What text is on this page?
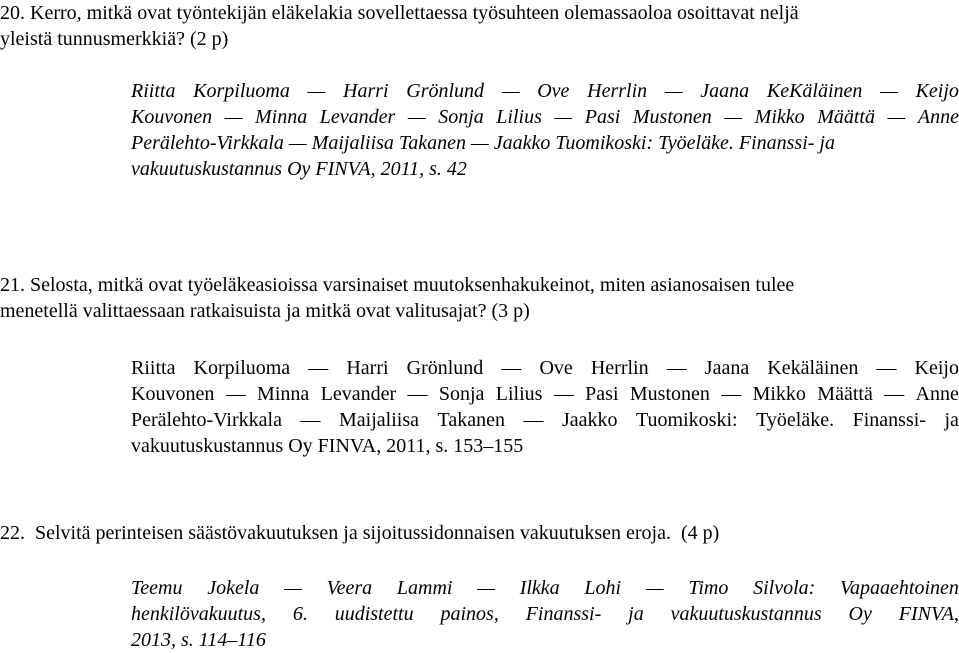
20. Kerro, mitkä ovat työntekijän eläkelakia sovellettaessa työsuhteen olemassaoloa osoittavat neljä
yleistä tunnusmerkkiä? (2 p)
Riitta Korpiluoma — Harri Grönlund — Ove Herrlin — Jaana KeKäläinen — Keijo
Kouvonen — Minna Levander — Sonja Lilius — Pasi Mustonen — Mikko Määttä — Anne
Perälehto-Virkkala — Maijaliisa Takanen — Jaakko Tuomikoski: Työeläke. Finanssi- ja
vakuutuskustannus Oy FINVA, 2011, s. 42
21. Selosta, mitkä ovat työeläkeasioissa varsinaiset muutoksenhakukeinot, miten asianosaisen tulee
menetellä valittaessaan ratkaisuista ja mitkä ovat valitusajat? (3 p)
Riitta Korpiluoma — Harri Grönlund — Ove Herrlin — Jaana Kekäläinen — Keijo
Kouvonen — Minna Levander — Sonja Lilius — Pasi Mustonen — Mikko Määttä — Anne
Perälehto-Virkkala — Maijaliisa Takanen — Jaakko Tuomikoski: Työeläke. Finanssi- ja
vakuutuskustannus Oy FINVA, 2011, s. 153–155
22.  Selvitä perinteisen säästövakuutuksen ja sijoitussidonnaisen vakuutuksen eroja.  (4 p)
Teemu Jokela — Veera Lammi — Ilkka Lohi — Timo Silvola: Vapaaehtoinen
henkilövakuutus, 6. uudistettu painos, Finanssi- ja vakuutuskustannus Oy FINVA,
2013, s. 114–116
